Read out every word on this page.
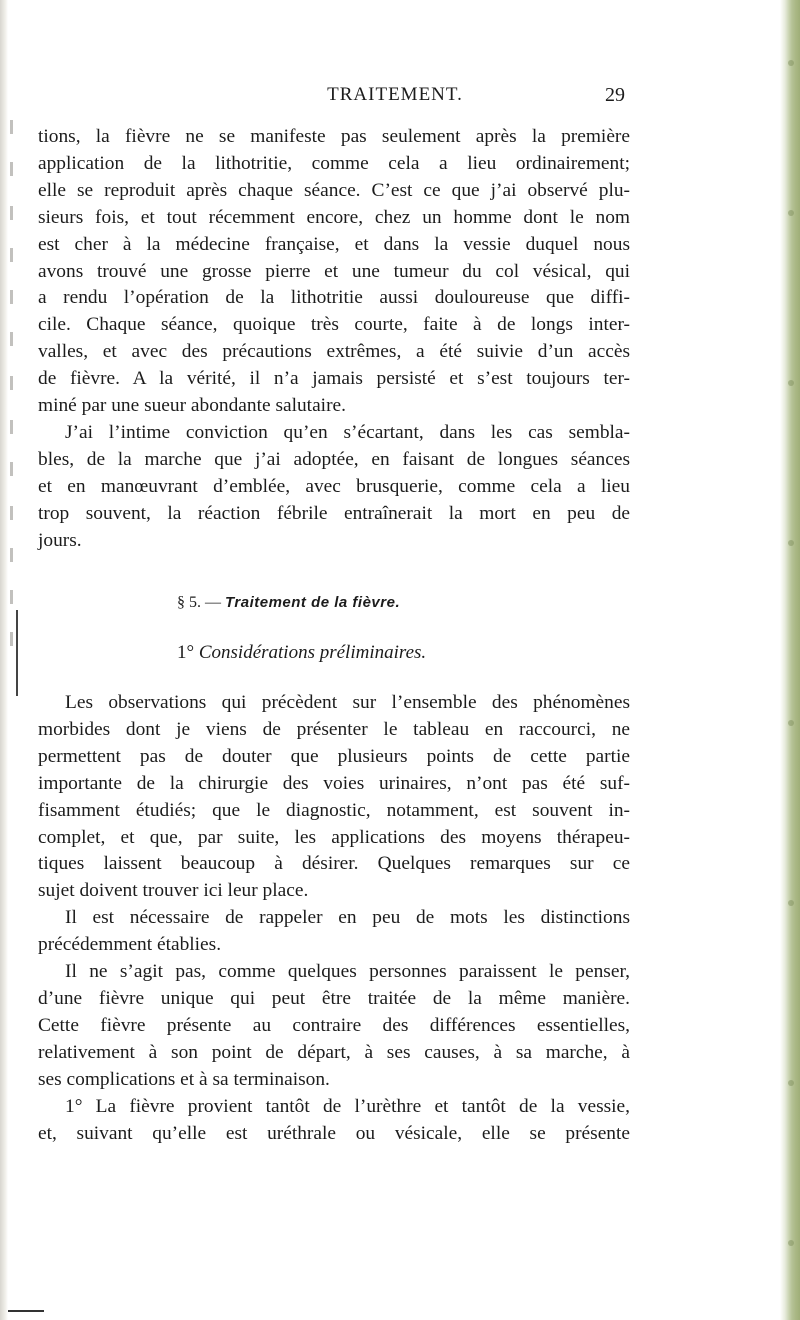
TRAITEMENT.	29

tions, la fièvre ne se manifeste pas seulement après la première

application de la lithotritie, comme cela a lieu ordinairement;

elle se reproduit après chaque séance. C’est ce que j’ai observé plu-

sieurs fois, et tout récemment encore, chez un homme dont le nom

est cher à la médecine française, et dans la vessie duquel nous

avons trouvé une grosse pierre et une tumeur du col vésical, qui

a rendu l’opération de la lithotritie aussi douloureuse que diffi-

cile. Chaque séance, quoique très courte, faite à de longs inter-

valles, et avec des précautions extrêmes, a été suivie d’un accès

de fièvre. A la vérité, il n’a jamais persisté et s’est toujours ter-

miné par une sueur abondante salutaire.

J’ai l’intime conviction qu’en s’écartant, dans les cas sembla-

bles, de la marche que j’ai adoptée, en faisant de longues séances

et en manœuvrant d’emblée, avec brusquerie, comme cela a lieu

trop souvent, la réaction fébrile entraînerait la mort en peu de

jours.

§ 5. — Traitement de la fièvre.
1° Considérations préliminaires.

Les observations qui précèdent sur l’ensemble des phénomènes

morbides dont je viens de présenter le tableau en raccourci, ne

permettent pas de douter que plusieurs points de cette partie

importante de la chirurgie des voies urinaires, n’ont pas été suf-

fisamment étudiés; que le diagnostic, notamment, est souvent in-

complet, et que, par suite, les applications des moyens thérapeu-

tiques laissent beaucoup à désirer. Quelques remarques sur ce

sujet doivent trouver ici leur place.

Il est nécessaire de rappeler en peu de mots les distinctions

précédemment établies.

Il ne s’agit pas, comme quelques personnes paraissent le penser,

d’une fièvre unique qui peut être traitée de la même manière.

Cette fièvre présente au contraire des différences essentielles,

relativement à son point de départ, à ses causes, à sa marche, à

ses complications et à sa terminaison.

1° La fièvre provient tantôt de l’urèthre et tantôt de la vessie,

et, suivant qu’elle est uréthrale ou vésicale, elle se présente
